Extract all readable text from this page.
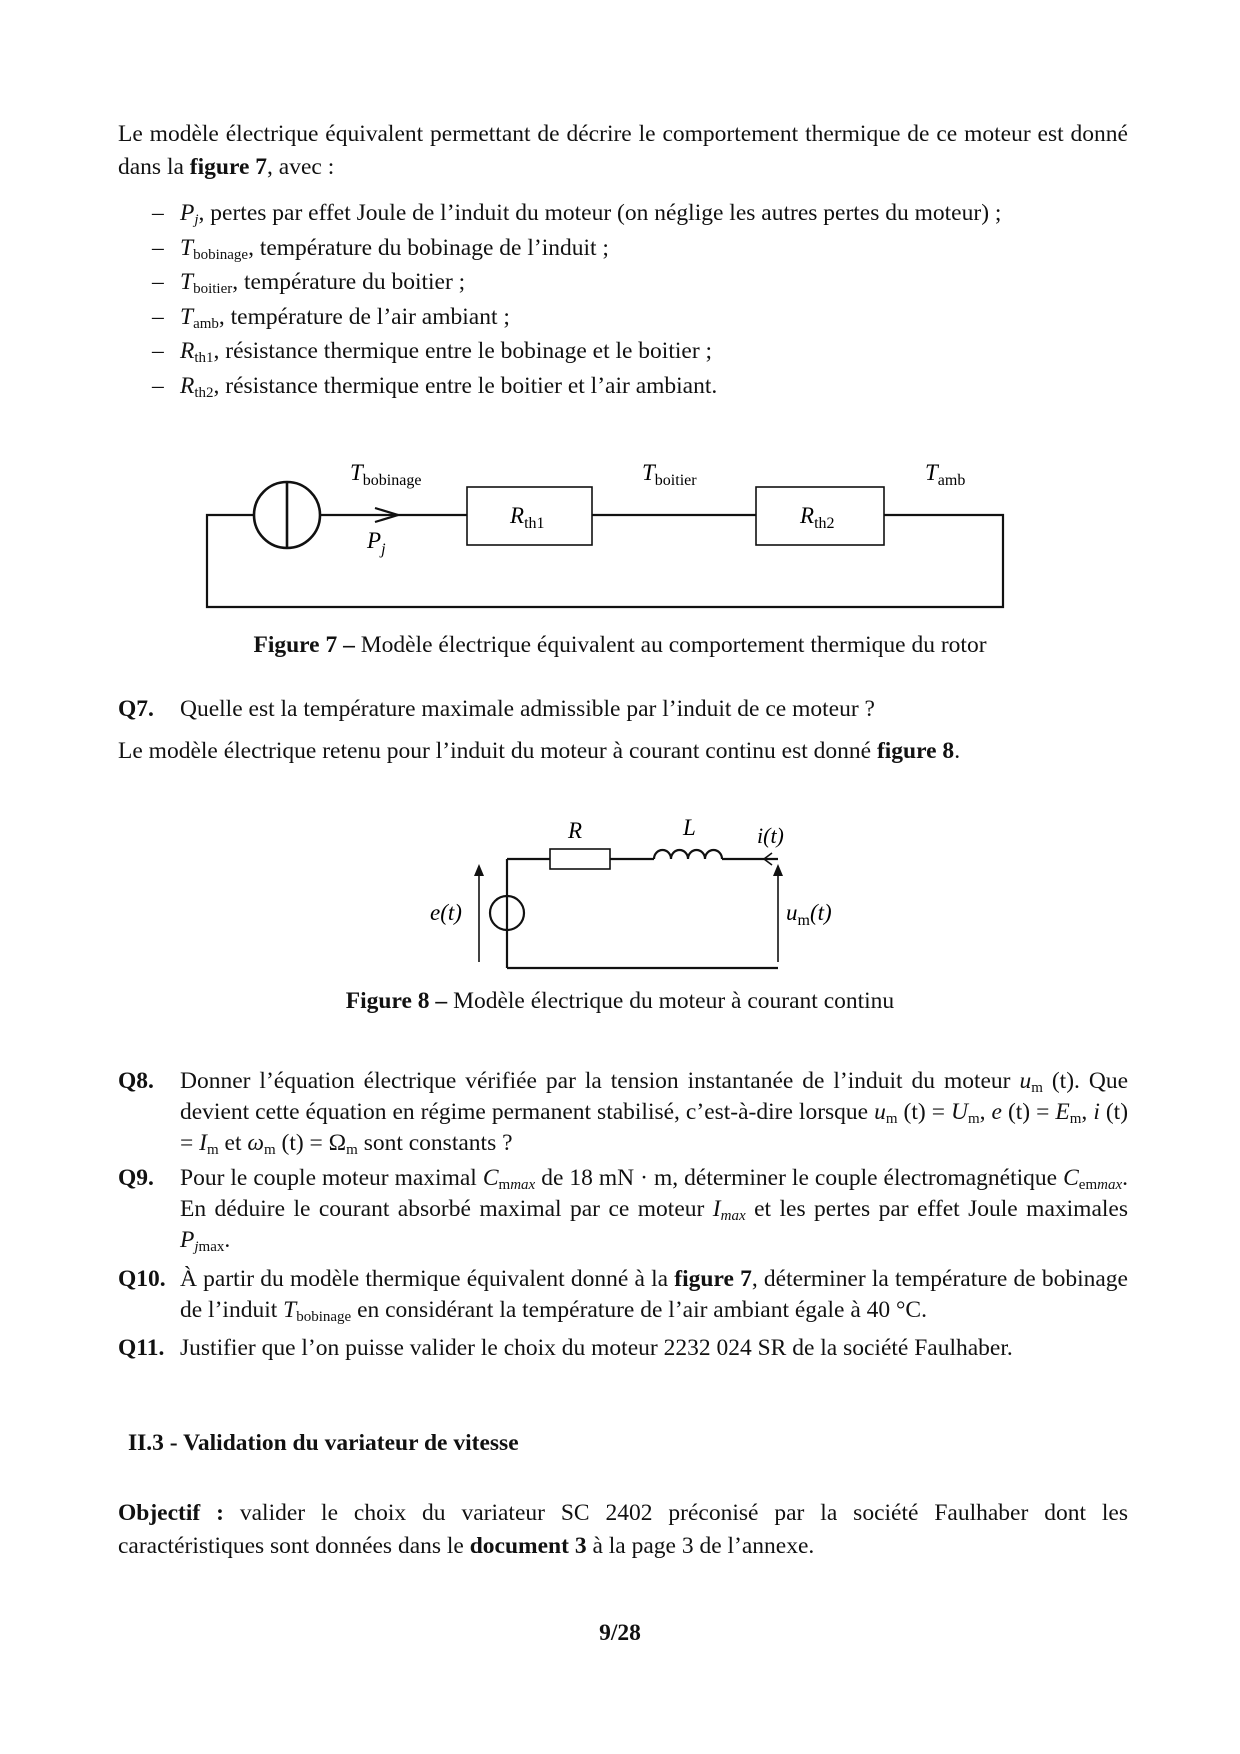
Le modèle électrique équivalent permettant de décrire le comportement thermique de ce moteur est donné dans la figure 7, avec :

– $P_j$, pertes par effet Joule de l’induit du moteur (on néglige les autres pertes du moteur) ;
– $T_{bobinage}$, température du bobinage de l’induit ;
– $T_{boitier}$, température du boitier ;
– $T_{amb}$, température de l’air ambiant ;
– $R_{th1}$, résistance thermique entre le bobinage et le boitier ;
– $R_{th2}$, résistance thermique entre le boitier et l’air ambiant.
$T_{bobinage}$	$T_{boitier}$	$T_{amb}$
$R_{th1}$	$R_{th2}$
$P_j$

Figure 7 – Modèle électrique équivalent au comportement thermique du rotor

Q7. Quelle est la température maximale admissible par l’induit de ce moteur ?

Le modèle électrique retenu pour l’induit du moteur à courant continu est donné figure 8.

R	L	i(t)
e(t)	$u_m(t)$

Figure 8 – Modèle électrique du moteur à courant continu

Q8. Donner l’équation électrique vérifiée par la tension instantanée de l’induit du moteur $u_m$ (t). Que devient cette équation en régime permanent stabilisé, c’est-à-dire lorsque $u_m$ $(t) = U_m$, e $(t) = E_m$, i $(t) = I_m$ et $\omega_m$ $(t) = \Omega_m$ sont constants ?

Q9. Pour le couple moteur maximal $C_{mmax}$ de 18 mN · m, déterminer le couple électromagnétique $C_{emmax}$. En déduire le courant absorbé maximal par ce moteur $I_{max}$ et les pertes par effet Joule maximales $P_{jmax}$.

Q10. À partir du modèle thermique équivalent donné à la figure 7, déterminer la température de bobinage de l’induit $T_{bobinage}$ en considérant la température de l’air ambiant égale à 40 °C.

Q11. Justifier que l’on puisse valider le choix du moteur 2232 024 SR de la société Faulhaber.

II.3 - Validation du variateur de vitesse

Objectif : valider le choix du variateur SC 2402 préconisé par la société Faulhaber dont les caractéristiques sont données dans le document 3 à la page 3 de l’annexe.

9/28
